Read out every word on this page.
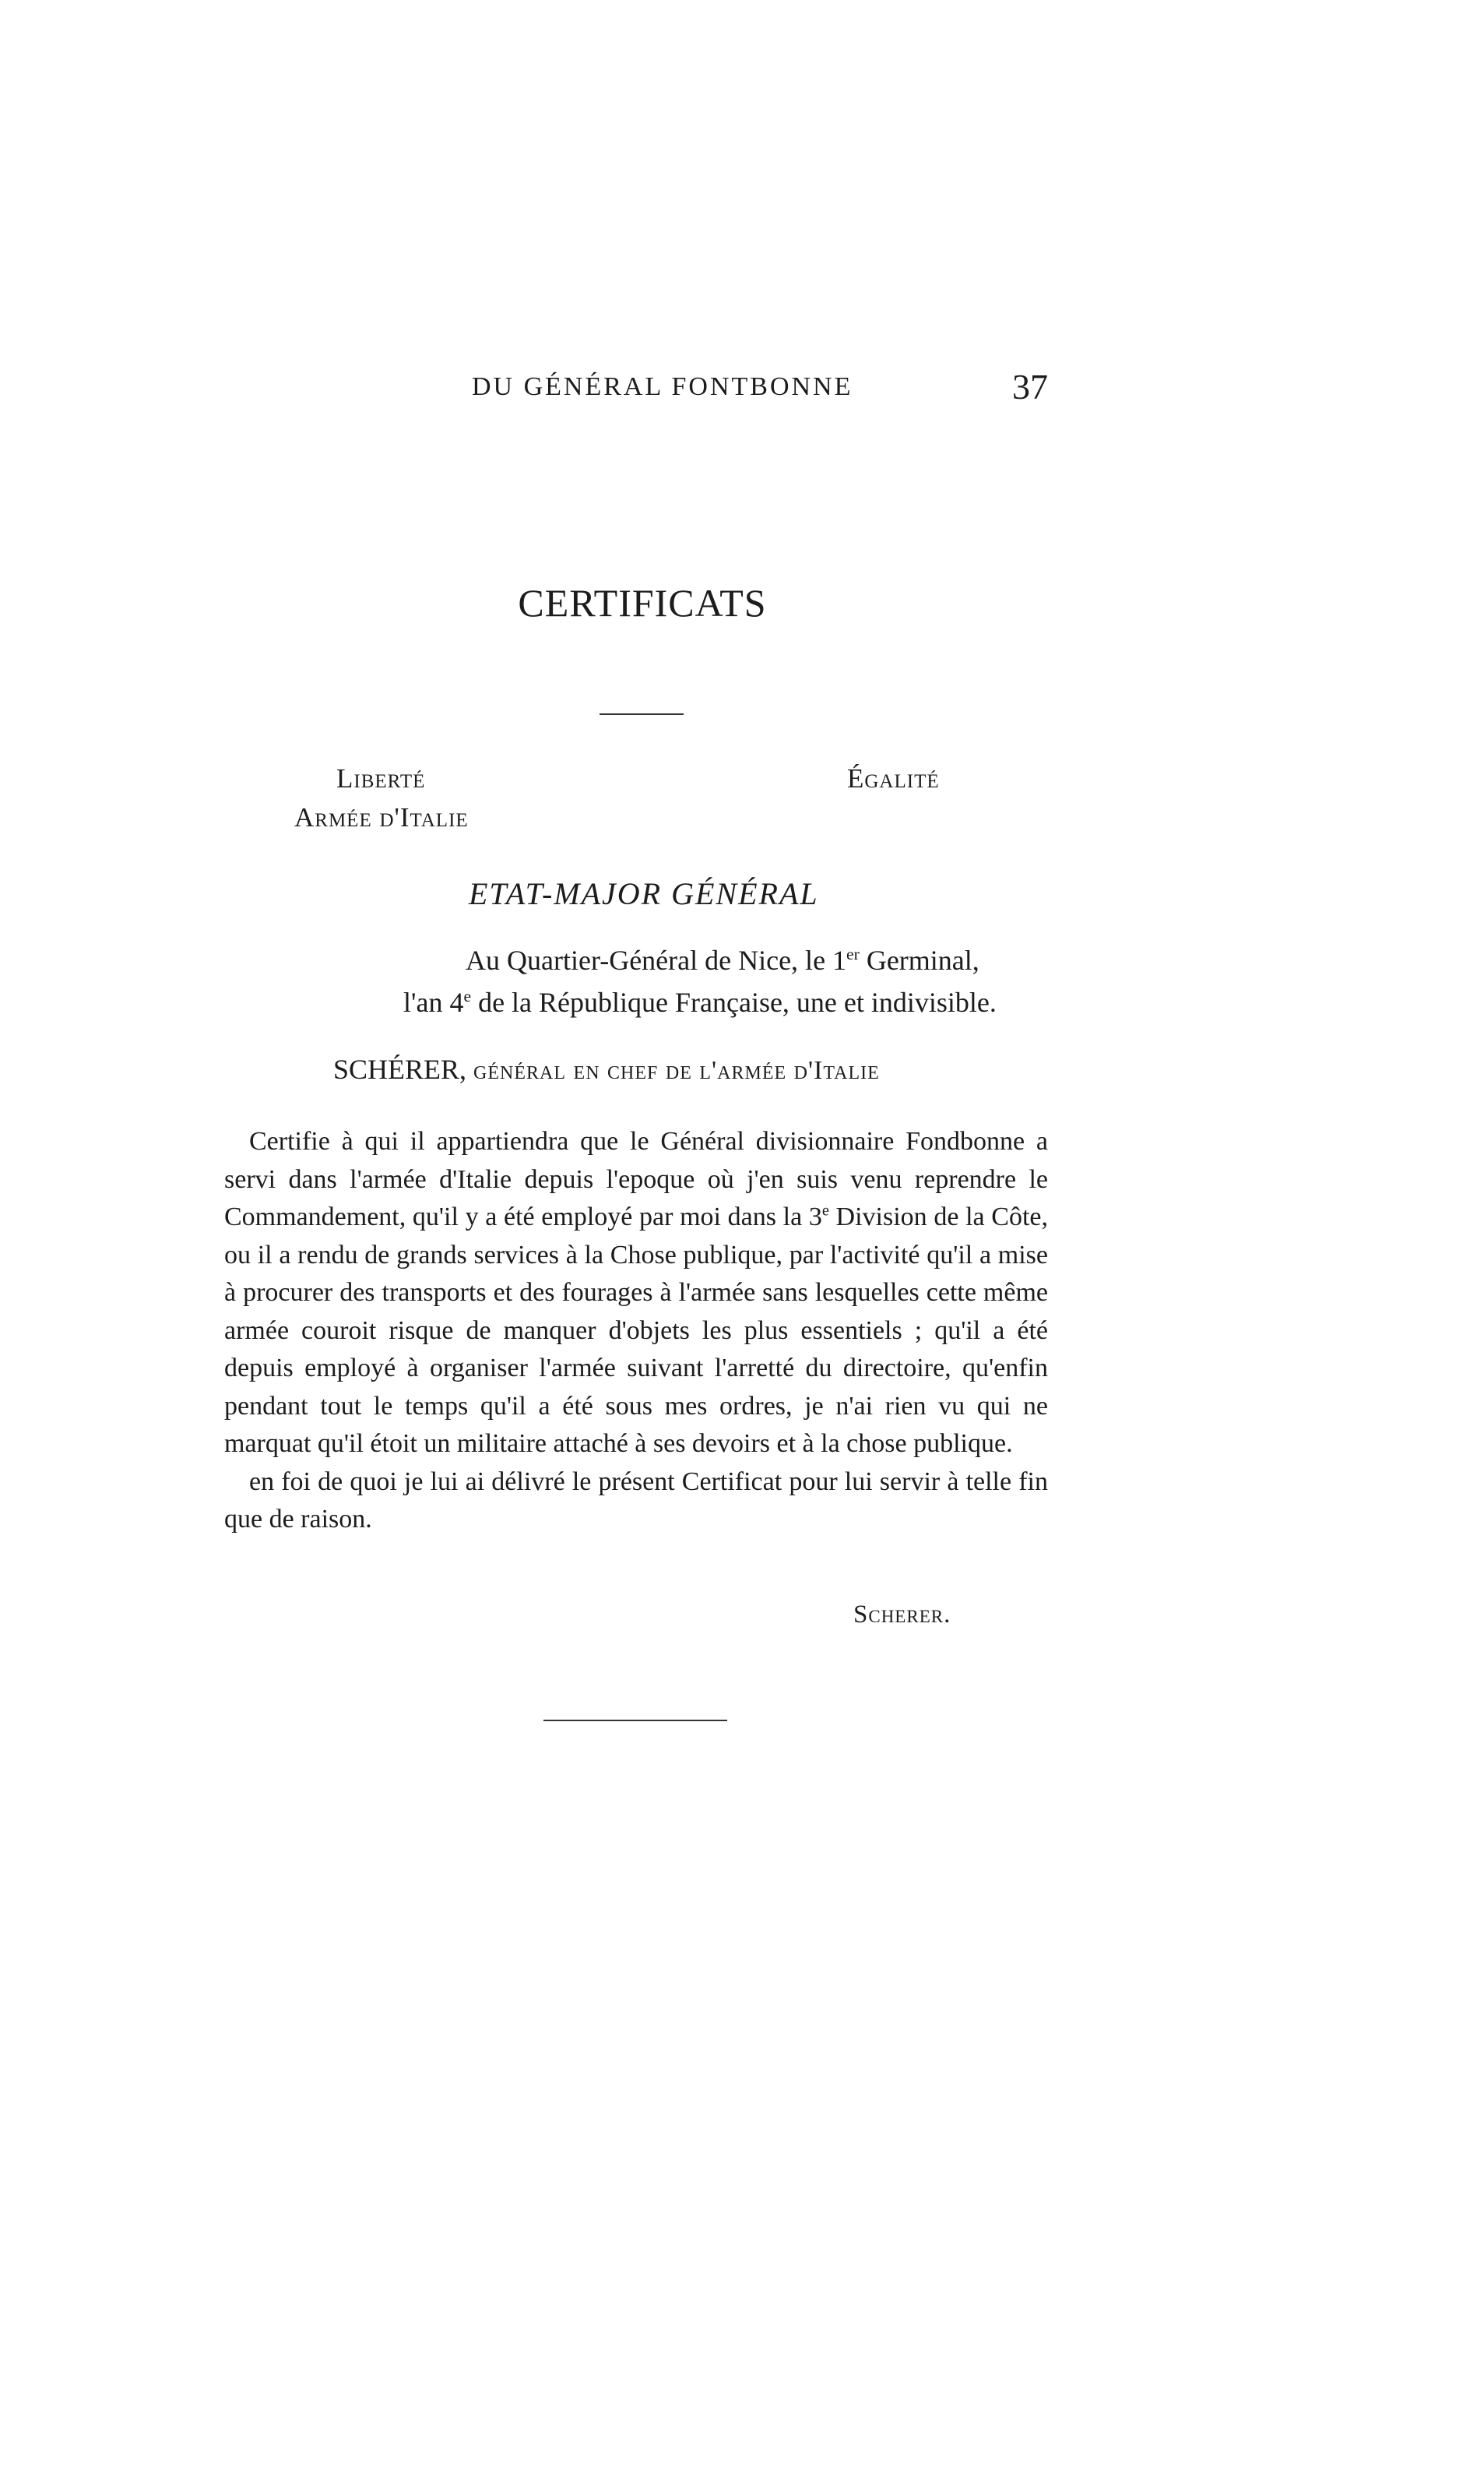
DU GÉNÉRAL FONTBONNE	37
CERTIFICATS
Liberté	Égalité
Armée d'Italie
ETAT-MAJOR GÉNÉRAL
Au Quartier-Général de Nice, le 1er Germinal,
l'an 4e de la République Française, une et indivisible.
SCHÉRER, général en chef de l'armée d'Italie

Certifie à qui il appartiendra que le Général divisionnaire Fondbonne a servi dans l'armée d'Italie depuis l'epoque où j'en suis venu reprendre le Commandement, qu'il y a été employé par moi dans la 3e Division de la Côte, ou il a rendu de grands services à la Chose publique, par l'activité qu'il a mise à procurer des transports et des fourages à l'armée sans lesquelles cette même armée couroit risque de manquer d'objets les plus essentiels ; qu'il a été depuis employé à organiser l'armée suivant l'arretté du directoire, qu'enfin pendant tout le temps qu'il a été sous mes ordres, je n'ai rien vu qui ne marquat qu'il étoit un militaire attaché à ses devoirs et à la chose publique.

en foi de quoi je lui ai délivré le présent Certificat pour lui servir à telle fin que de raison.

Scherer.
